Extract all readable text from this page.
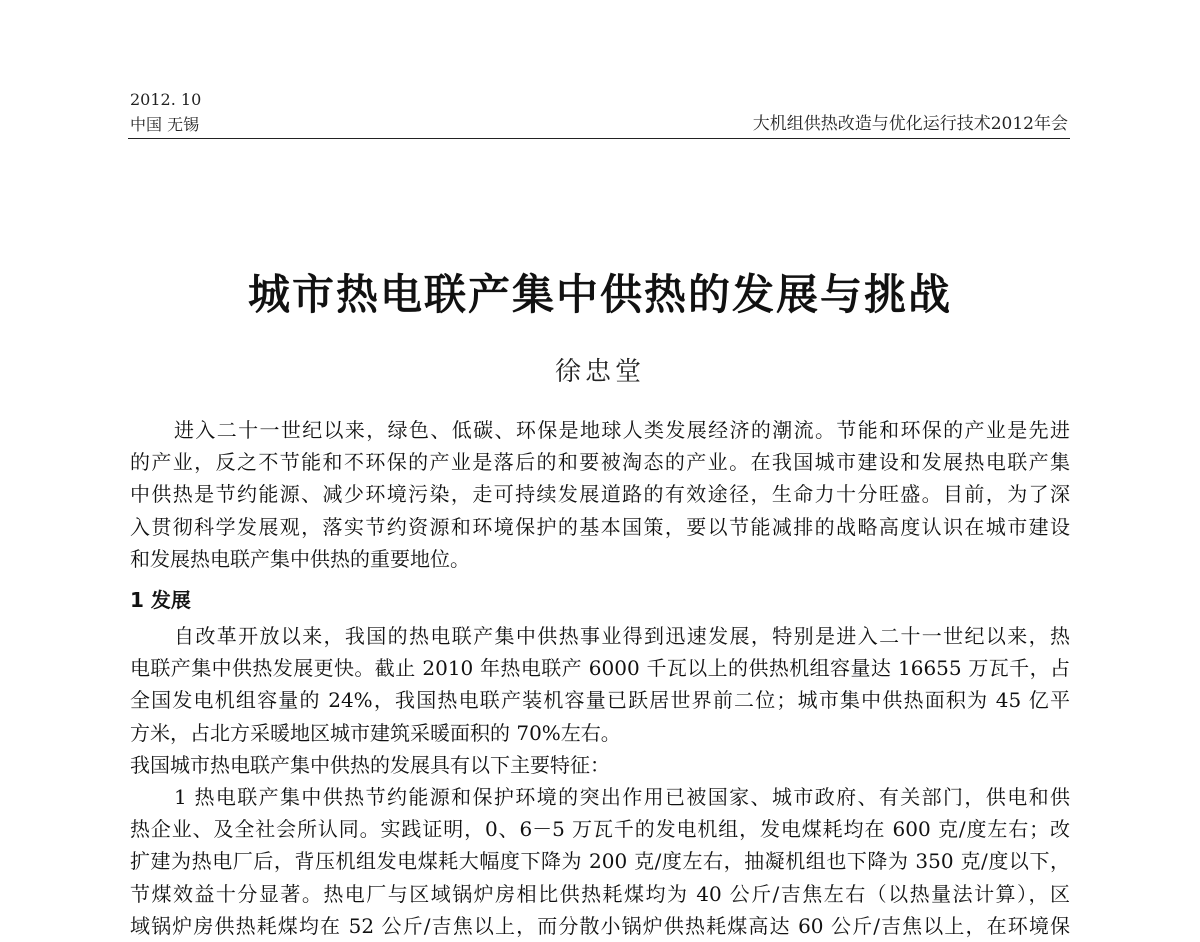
2012. 10
中国 无锡	大机组供热改造与优化运行技术2012年会
城市热电联产集中供热的发展与挑战
徐忠堂
进入二十一世纪以来，绿色、低碳、环保是地球人类发展经济的潮流。节能和环保的产业是先进
的产业，反之不节能和不环保的产业是落后的和要被淘态的产业。在我国城市建设和发展热电联产集
中供热是节约能源、减少环境污染，走可持续发展道路的有效途径，生命力十分旺盛。目前，为了深
入贯彻科学发展观，落实节约资源和环境保护的基本国策，要以节能减排的战略高度认识在城市建设
和发展热电联产集中供热的重要地位。
1 发展
自改革开放以来，我国的热电联产集中供热事业得到迅速发展，特别是进入二十一世纪以来，热
电联产集中供热发展更快。截止 2010 年热电联产 6000 千瓦以上的供热机组容量达 16655 万瓦千，占
全国发电机组容量的 24%，我国热电联产装机容量已跃居世界前二位；城市集中供热面积为 45 亿平
方米，占北方采暖地区城市建筑采暖面积的 70%左右。
我国城市热电联产集中供热的发展具有以下主要特征：
1 热电联产集中供热节约能源和保护环境的突出作用已被国家、城市政府、有关部门，供电和供
热企业、及全社会所认同。实践证明，0、6－5 万瓦千的发电机组，发电煤耗均在 600 克/度左右；改
扩建为热电厂后，背压机组发电煤耗大幅度下降为 200 克/度左右，抽凝机组也下降为 350 克/度以下，
节煤效益十分显著。热电厂与区域锅炉房相比供热耗煤均为 40 公斤/吉焦左右（以热量法计算），区
域锅炉房供热耗煤均在 52 公斤/吉焦以上，而分散小锅炉供热耗煤高达 60 公斤/吉焦以上，在环境保
